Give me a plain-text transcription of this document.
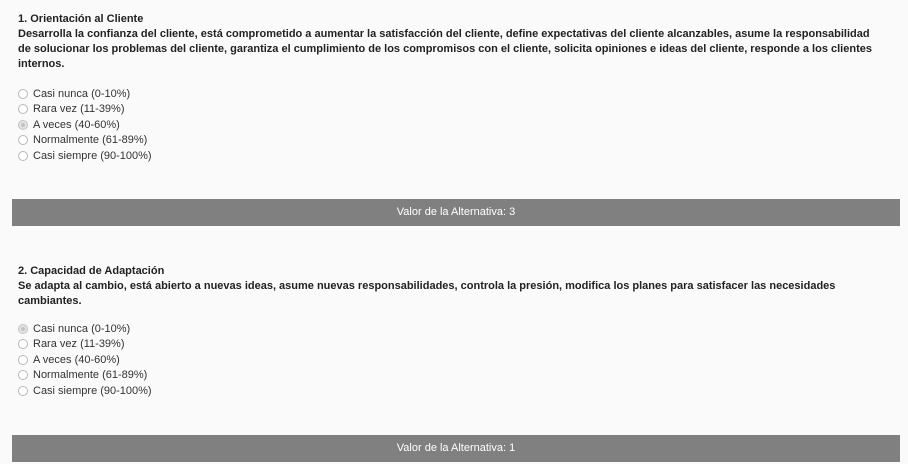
1. Orientación al Cliente
Desarrolla la confianza del cliente, está comprometido a aumentar la satisfacción del cliente, define expectativas del cliente alcanzables, asume la responsabilidad de solucionar los problemas del cliente, garantiza el cumplimiento de los compromisos con el cliente, solicita opiniones e ideas del cliente, responde a los clientes internos.
Casi nunca (0-10%)
Rara vez (11-39%)
A veces (40-60%)
Normalmente (61-89%)
Casi siempre (90-100%)
Valor de la Alternativa: 3
2. Capacidad de Adaptación
Se adapta al cambio, está abierto a nuevas ideas, asume nuevas responsabilidades, controla la presión, modifica los planes para satisfacer las necesidades cambiantes.
Casi nunca (0-10%)
Rara vez (11-39%)
A veces (40-60%)
Normalmente (61-89%)
Casi siempre (90-100%)
Valor de la Alternativa: 1
